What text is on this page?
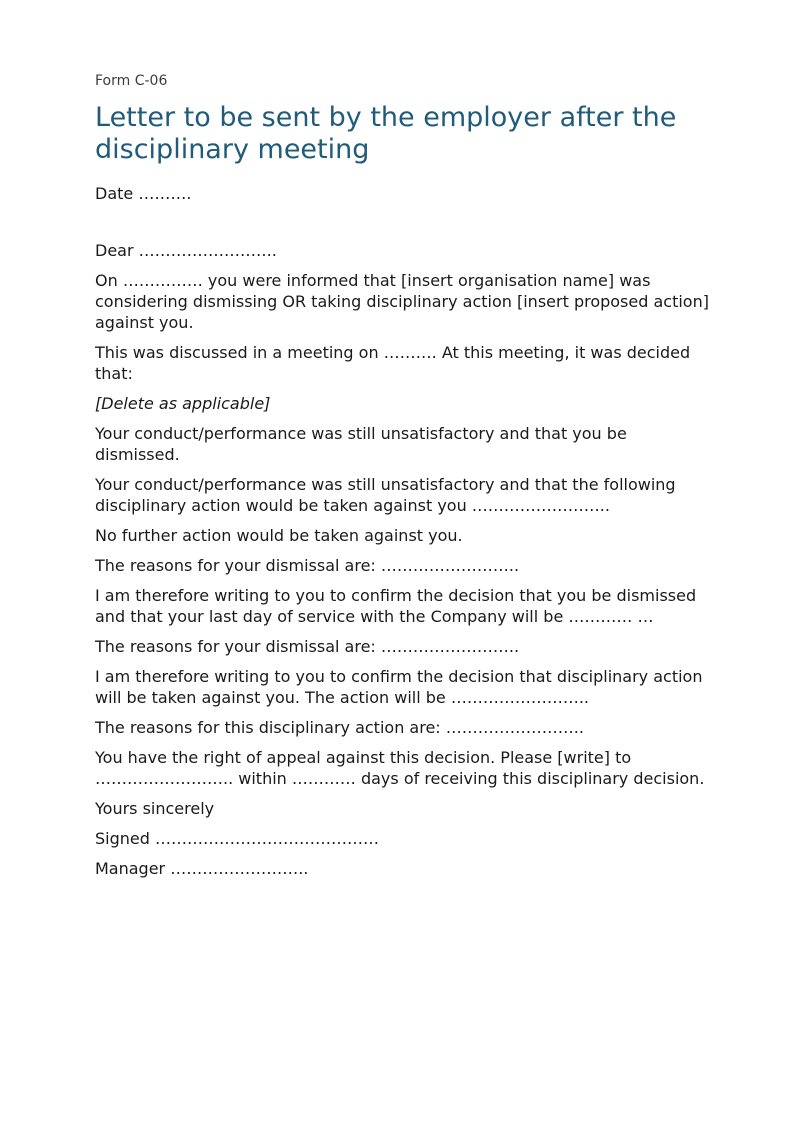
Form C-06
Letter to be sent by the employer after the disciplinary meeting
Date ……….
Dear ……………………..
On …………… you were informed that [insert organisation name] was considering dismissing OR taking disciplinary action [insert proposed action] against you.
This was discussed in a meeting on ………. At this meeting, it was decided that:
[Delete as applicable]
Your conduct/performance was still unsatisfactory and that you be dismissed.
Your conduct/performance was still unsatisfactory and that the following disciplinary action would be taken against you ……………………..
No further action would be taken against you.
The reasons for your dismissal are: ……………………..
I am therefore writing to you to confirm the decision that you be dismissed and that your last day of service with the Company will be ………… …
The reasons for your dismissal are: ……………………..
I am therefore writing to you to confirm the decision that disciplinary action will be taken against you. The action will be ……………………..
The reasons for this disciplinary action are: ……………………..
You have the right of appeal against this decision. Please [write] to …………………….. within ………… days of receiving this disciplinary decision.
Yours sincerely
Signed ……………………………………
Manager ……………………..
